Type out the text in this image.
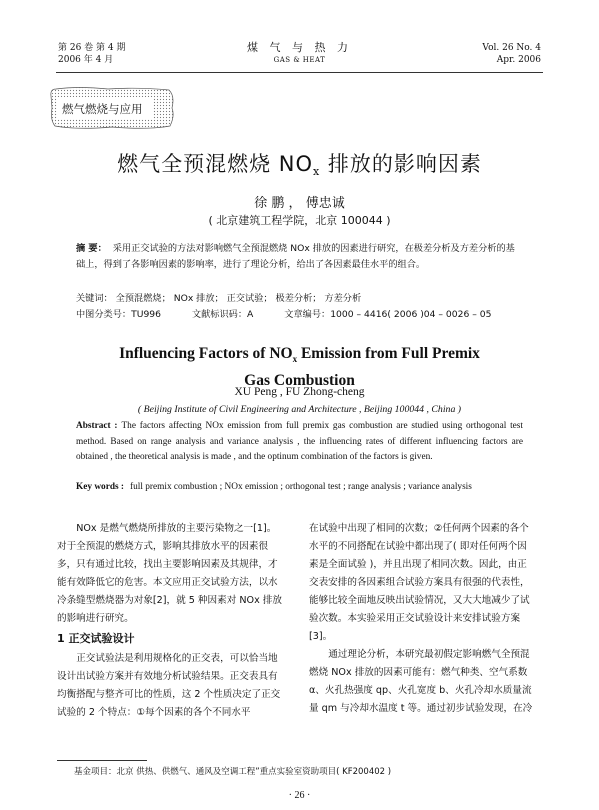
第 26 卷 第 4 期
2006 年 4 月
煤 气 与 热 力
GAS & HEAT
Vol. 26 No. 4
Apr. 2006
燃气燃烧与应用
燃气全预混燃烧 $NO_x$ 排放的影响因素
徐 鹏 ， 傅忠诚
( 北京建筑工程学院，北京 100044 )
摘 要： 采用正交试验的方法对影响燃气全预混燃烧 NOx 排放的因素进行研究，在极差分析及方差分析的基础上，得到了各影响因素的影响率，进行了理论分析，给出了各因素最佳水平的组合。
关键词： 全预混燃烧； NOx 排放； 正交试验； 极差分析； 方差分析
中图分类号：TU996	文献标识码：A	文章编号：1000 – 4416( 2006 )04 – 0026 – 05
Influencing Factors of $NO_x$ Emission from Full Premix
Gas Combustion
XU Peng , FU Zhong-cheng
( Beijing Institute of Civil Engineering and Architecture , Beijing 100044 , China )
Abstract : The factors affecting NOx emission from full premix gas combustion are studied using orthogonal test method. Based on range analysis and variance analysis , the influencing rates of different influencing factors are obtained , the theoretical analysis is made , and the optinum combination of the factors is given.
Key words : full premix combustion ; NOx emission ; orthogonal test ; range analysis ; variance analysis

NOx 是燃气燃烧所排放的主要污染物之一[1]。对于全预混的燃烧方式，影响其排放水平的因素很多，只有通过比较，找出主要影响因素及其规律，才能有效降低它的危害。本文应用正交试验方法，以水冷条缝型燃烧器为对象[2]，就 5 种因素对 NOx 排放的影响进行研究。

1 正交试验设计

正交试验法是利用规格化的正交表，可以恰当地设计出试验方案并有效地分析试验结果。正交表具有均衡搭配与整齐可比的性质，这 2 个性质决定了正交试验的 2 个特点：①每个因素的各个不同水平

在试验中出现了相同的次数；②任何两个因素的各个水平的不同搭配在试验中都出现了( 即对任何两个因素是全面试验 )，并且出现了相同次数。因此，由正交表安排的各因素组合试验方案具有很强的代表性，能够比较全面地反映出试验情况，又大大地减少了试验次数。本实验采用正交试验设计来安排试验方案[3]。

通过理论分析，本研究最初假定影响燃气全预混燃烧 NOx 排放的因素可能有：燃气种类、空气系数 α、火孔热强度 qp、火孔宽度 b、火孔冷却水质量流量 qm 与冷却水温度 t 等。通过初步试验发现，在冷

基金项目：北京 供热、供燃气、通风及空调工程”重点实验室资助项目( KF200402 )
· 26 ·
